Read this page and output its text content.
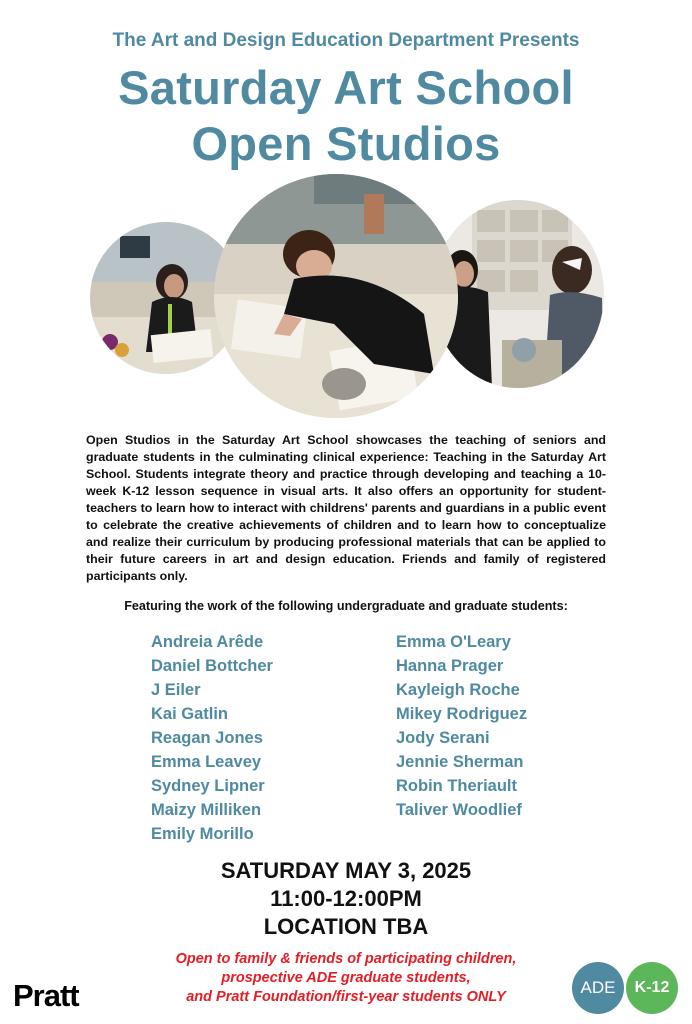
The Art and Design Education Department Presents
Saturday Art School
Open Studios

Open Studios in the Saturday Art School showcases the teaching of seniors and graduate students in the culminating clinical experience: Teaching in the Saturday Art School. Students integrate theory and practice through developing and teaching a 10-week K-12 lesson sequence in visual arts. It also offers an opportunity for student-teachers to learn how to interact with childrens' parents and guardians in a public event to celebrate the creative achievements of children and to learn how to conceptualize and realize their curriculum by producing professional materials that can be applied to their future careers in art and design education. Friends and family of registered participants only.

Featuring the work of the following undergraduate and graduate students:
Andreia Arêde
Daniel Bottcher
J Eiler
Kai Gatlin
Reagan Jones
Emma Leavey
Sydney Lipner
Maizy Milliken
Emily Morillo
Emma O'Leary
Hanna Prager
Kayleigh Roche
Mikey Rodriguez
Jody Serani
Jennie Sherman
Robin Theriault
Taliver Woodlief
SATURDAY MAY 3, 2025
11:00-12:00PM
LOCATION TBA
Open to family & friends of participating children,
prospective ADE graduate students,
and Pratt Foundation/first-year students ONLY
Pratt	ADE	K-12
